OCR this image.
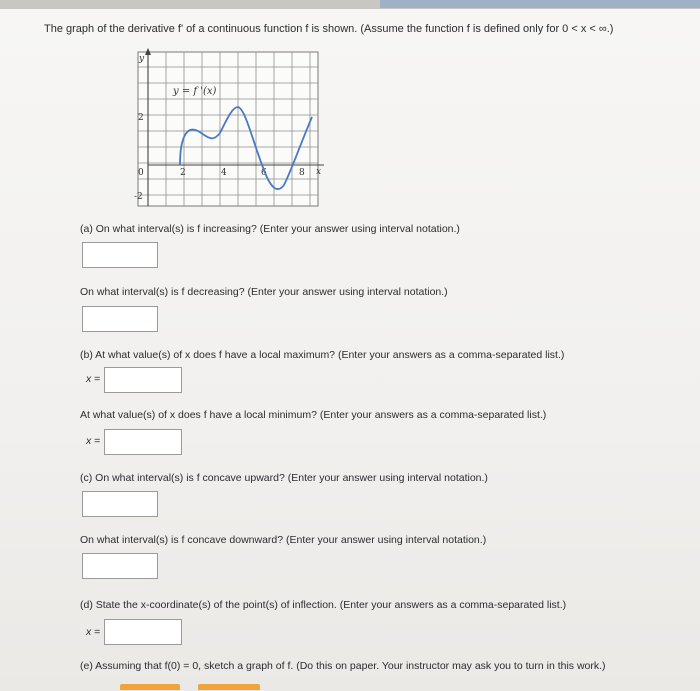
The graph of the derivative f' of a continuous function f is shown. (Assume the function f is defined only for 0 < x < ∞.)
y
x
y = f '(x)
2
-2
0	2	4	6	8
(a) On what interval(s) is f increasing? (Enter your answer using interval notation.)
On what interval(s) is f decreasing? (Enter your answer using interval notation.)
(b) At what value(s) of x does f have a local maximum? (Enter your answers as a comma-separated list.)
x =
At what value(s) of x does f have a local minimum? (Enter your answers as a comma-separated list.)
x =
(c) On what interval(s) is f concave upward? (Enter your answer using interval notation.)
On what interval(s) is f concave downward? (Enter your answer using interval notation.)
(d) State the x-coordinate(s) of the point(s) of inflection. (Enter your answers as a comma-separated list.)
x =
(e) Assuming that f(0) = 0, sketch a graph of f. (Do this on paper. Your instructor may ask you to turn in this work.)
